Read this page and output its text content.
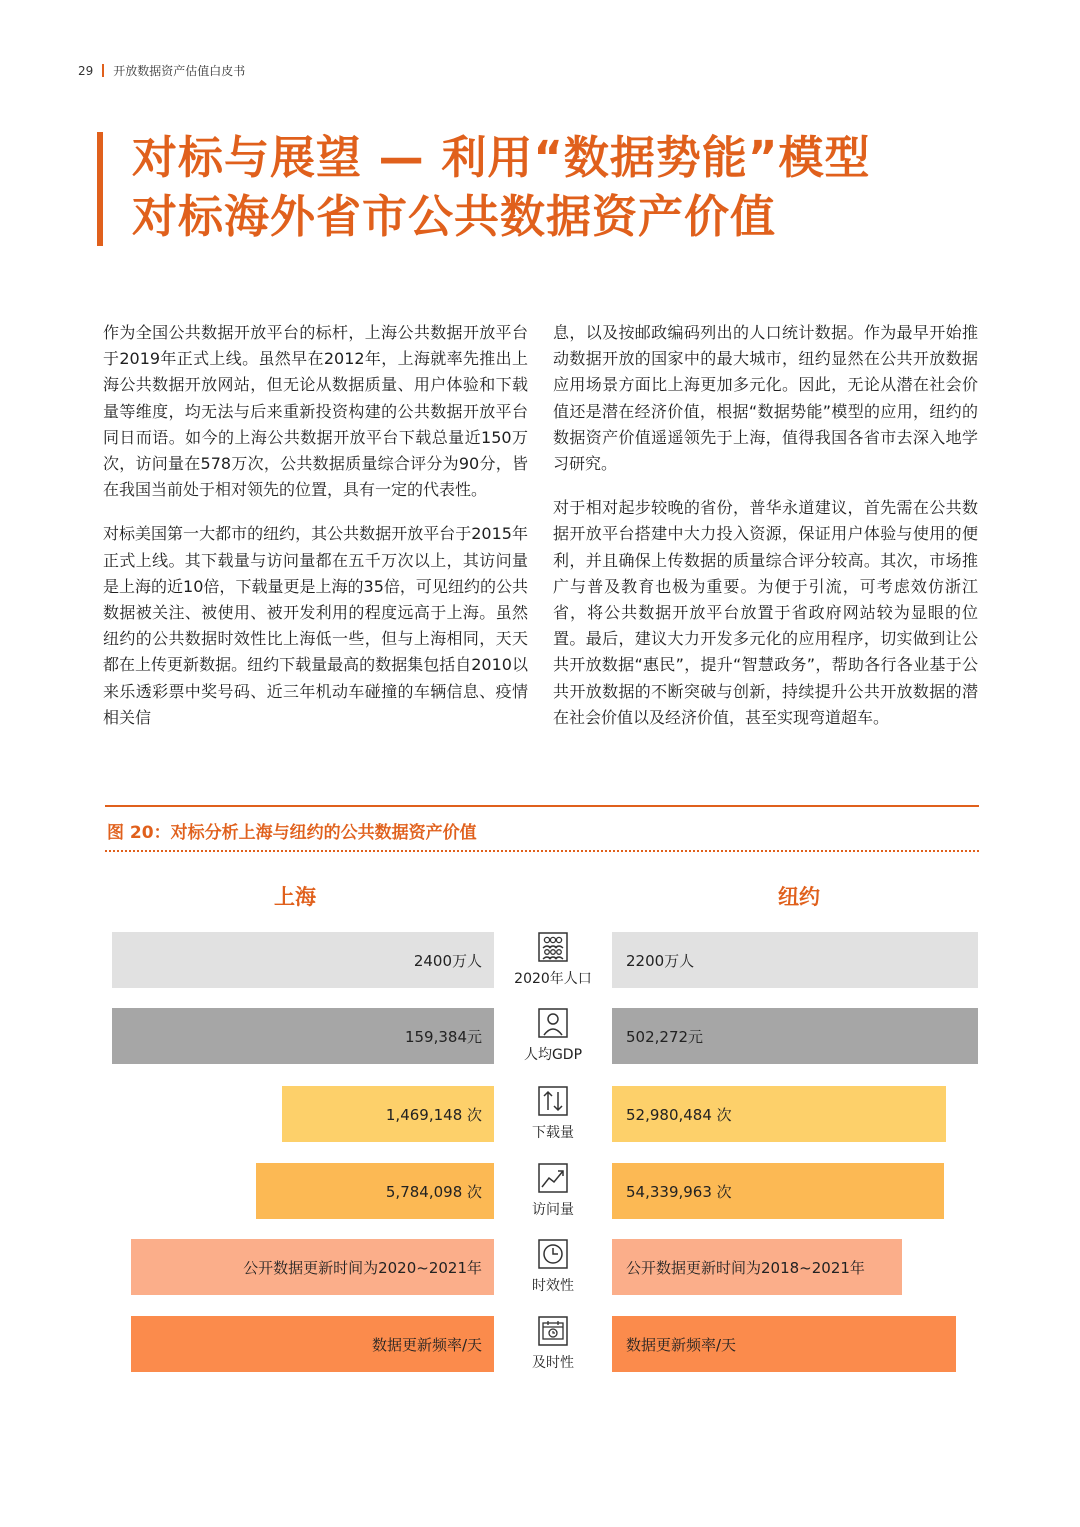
29 开放数据资产估值白皮书
对标与展望 — 利用“数据势能”模型
对标海外省市公共数据资产价值

作为全国公共数据开放平台的标杆，上海公共数据开放平台于2019年正式上线。虽然早在2012年，上海就率先推出上海公共数据开放网站，但无论从数据质量、用户体验和下载量等维度，均无法与后来重新投资构建的公共数据开放平台同日而语。如今的上海公共数据开放平台下载总量近150万次，访问量在578万次，公共数据质量综合评分为90分，皆在我国当前处于相对领先的位置，具有一定的代表性。

对标美国第一大都市的纽约，其公共数据开放平台于2015年正式上线。其下载量与访问量都在五千万次以上，其访问量是上海的近10倍，下载量更是上海的35倍，可见纽约的公共数据被关注、被使用、被开发利用的程度远高于上海。虽然纽约的公共数据时效性比上海低一些，但与上海相同，天天都在上传更新数据。纽约下载量最高的数据集包括自2010以来乐透彩票中奖号码、近三年机动车碰撞的车辆信息、疫情相关信

息，以及按邮政编码列出的人口统计数据。作为最早开始推动数据开放的国家中的最大城市，纽约显然在公共开放数据应用场景方面比上海更加多元化。因此，无论从潜在社会价值还是潜在经济价值，根据“数据势能”模型的应用，纽约的数据资产价值遥遥领先于上海，值得我国各省市去深入地学习研究。

对于相对起步较晚的省份，普华永道建议，首先需在公共数据开放平台搭建中大力投入资源，保证用户体验与使用的便利，并且确保上传数据的质量综合评分较高。其次，市场推广与普及教育也极为重要。为便于引流，可考虑效仿浙江省，将公共数据开放平台放置于省政府网站较为显眼的位置。最后，建议大力开发多元化的应用程序，切实做到让公共开放数据“惠民”，提升“智慧政务”，帮助各行各业基于公共开放数据的不断突破与创新，持续提升公共开放数据的潜在社会价值以及经济价值，甚至实现弯道超车。

图 20：对标分析上海与纽约的公共数据资产价值
上海	纽约
2400万人
2020年人口
2200万人
159,384元
人均GDP
502,272元
1,469,148 次
下载量
52,980,484 次
5,784,098 次
访问量
54,339,963 次
公开数据更新时间为2020~2021年
时效性
公开数据更新时间为2018~2021年
数据更新频率/天
及时性
数据更新频率/天
